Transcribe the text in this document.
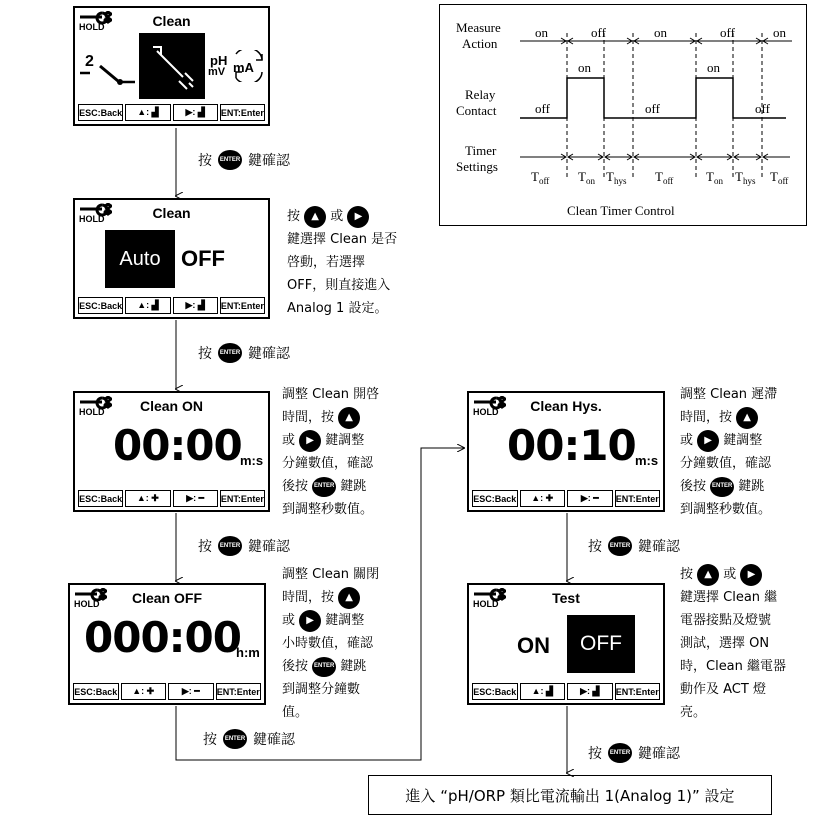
HOLD	Clean
2	pH
mV mA
ESC:Back	▲: ▟	▶: ▟	ENT:Enter
按	ENTER 鍵確認
HOLD	Clean
Auto OFF
ESC:Back	▲: ▟	▶: ▟	ENT:Enter
按 ▲ 或 ▶
鍵選擇 Clean 是否
啓動，若選擇
OFF，則直接進入
Analog 1 設定。
按	ENTER 鍵確認
HOLD	Clean ON
00:00
m:s
ESC:Back	▲: ✚	▶: ━	ENT:Enter
調整 Clean 開啓
時間，按 ▲
或 ▶ 鍵調整
分鐘數值，確認
後按 ENTER 鍵跳
到調整秒數值。
按	ENTER 鍵確認
HOLD	Clean OFF
000:00
h:m
ESC:Back	▲: ✚	▶: ━	ENT:Enter
調整 Clean 關閉
時間，按 ▲
或 ▶ 鍵調整
小時數值，確認
後按 ENTER 鍵跳
到調整分鐘數
值。
按	ENTER 鍵確認
HOLD	Clean Hys.
00:10 m:s
ESC:Back	▲: ✚	▶: ━	ENT:Enter
調整 Clean 遲滯
時間，按 ▲
或 ▶ 鍵調整
分鐘數值，確認
後按 ENTER 鍵跳
到調整秒數值。
按	ENTER 鍵確認
HOLD	Test
ON OFF
ESC:Back	▲: ▟	▶: ▟	ENT:Enter
按 ▲ 或 ▶
鍵選擇 Clean 繼
電器接點及燈號
測試，選擇 ON
時，Clean 繼電器
動作及 ACT 燈
亮。
按	ENTER 鍵確認
進入 “pH/ORP 類比電流輸出 1(Analog 1)” 設定
Measure
Action
Relay
Contact
Timer
Settings
on	off	on	off	on
off
on
off
on
off
$T_{off}$ $T_{on}$ $T_{hys}$ $T_{off}$	$T_{on}$ $T_{hys}$ $T_{off}$
Clean Timer Control
